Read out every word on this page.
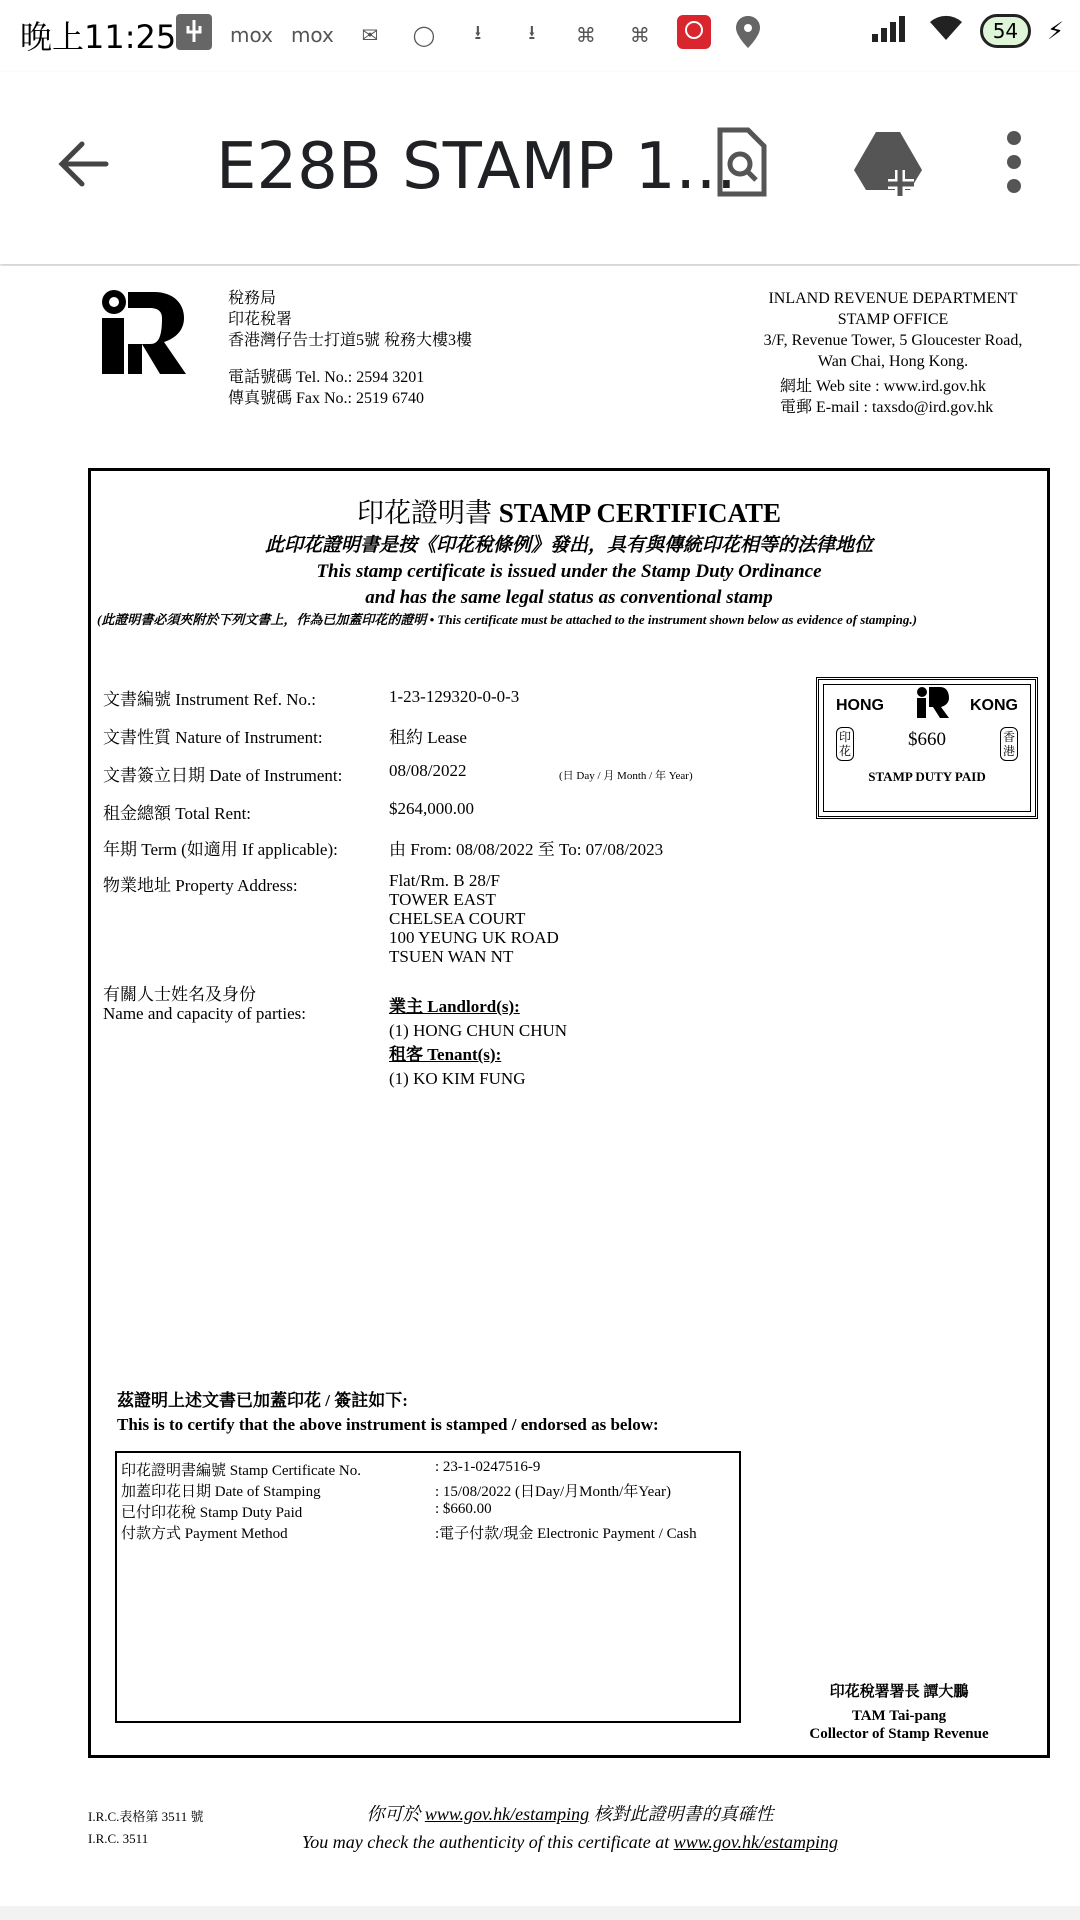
晚上11:25	mox mox	✉	◯	⭳	⭳	⌘	⌘	54	⚡
E28B STAMP 1...
稅務局
印花稅署
香港灣仔告士打道5號 稅務大樓3樓
電話號碼 Tel. No.: 2594 3201
傳真號碼 Fax No.: 2519 6740
INLAND REVENUE DEPARTMENT
STAMP OFFICE
3/F, Revenue Tower, 5 Gloucester Road,
Wan Chai, Hong Kong.
網址 Web site : www.ird.gov.hk
電郵 E-mail : taxsdo@ird.gov.hk
印花證明書 STAMP CERTIFICATE
此印花證明書是按《印花稅條例》發出，具有與傳統印花相等的法律地位
This stamp certificate is issued under the Stamp Duty Ordinance
and has the same legal status as conventional stamp
(此證明書必須夾附於下列文書上，作為已加蓋印花的證明 • This certificate must be attached to the instrument shown below as evidence of stamping.)
文書編號 Instrument Ref. No.:	1-23-129320-0-0-3
文書性質 Nature of Instrument:	租約 Lease
文書簽立日期 Date of Instrument:	08/08/2022	(日 Day / 月 Month / 年 Year)
租金總額 Total Rent:	$264,000.00
年期 Term (如適用 If applicable):	由 From: 08/08/2022 至 To: 07/08/2023
物業地址 Property Address:	Flat/Rm. B 28/F
TOWER EAST
CHELSEA COURT
100 YEUNG UK ROAD
TSUEN WAN NT
有關人士姓名及身份
Name and capacity of parties:	業主 Landlord(s):
(1) HONG CHUN CHUN
租客 Tenant(s):
(1) KO KIM FUNG
HONG	KONG
印花
香港
$660
STAMP DUTY PAID
茲證明上述文書已加蓋印花 / 簽註如下:
This is to certify that the above instrument is stamped / endorsed as below:
印花證明書編號 Stamp Certificate No.	: 23-1-0247516-9
加蓋印花日期 Date of Stamping	: 15/08/2022 (日Day/月Month/年Year)
已付印花稅 Stamp Duty Paid	: $660.00
付款方式 Payment Method	:電子付款/現金 Electronic Payment / Cash
印花稅署署長 譚大鵬
TAM Tai-pang
Collector of Stamp Revenue
I.R.C.表格第 3511 號
I.R.C. 3511
你可於 www.gov.hk/estamping 核對此證明書的真確性
You may check the authenticity of this certificate at www.gov.hk/estamping
